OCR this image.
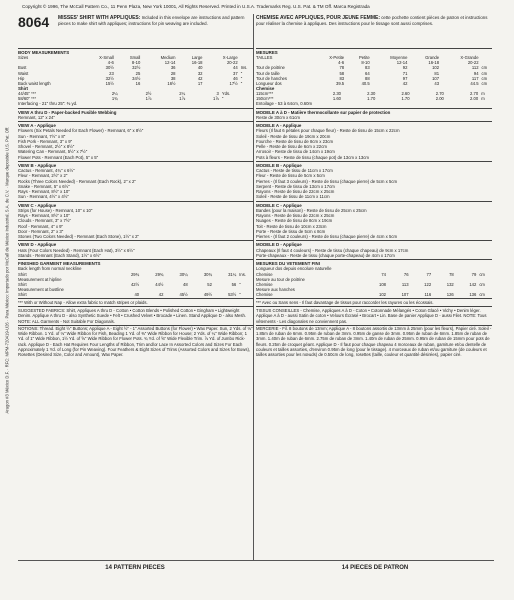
Copyright © 1996, The McCall Pattern Co., 11 Penn Plaza, New York 10001, All Rights Reserved. Printed in U.S.A. Trademarks Reg. U.S. Pat. & TM Off. Marca Registrada
Aragon #3 México D.F. · RFC: MPM-720419-U26 · Para México: Importado por McCall de México Industrial, S.A. de C.V. · Marque depositée U.S. Pat. Off.
8064 MISSES' SHIRT WITH APPLIQUES: Included in this envelope are instructions and pattern pieces to make shirt with appliques; instructions for pin weaving are included.
BODY MEASUREMENTS
Sizes	X-Small	Small	Medium	Large	X-Large	
	4-6	8-10	12-14	16-18	20-22	
Bust	30½	32½	36	40	44	Ins.
Waist	23	25	28	32	37	"
Hip	32½	34½	38	42	46	"
Back waist length	15½	16	16½	17	17½	"
Shirt
44/45" ***	2¼	2½	2¼	3	Yds.
58/60" ***	1¾	1⅞	1⅞	1⅞	"
Interfacing - 21" thru 25": ⅜ yd.
VIEW A thru D - Paper-backed Fusible Webbing
Remnant, 12" x 24"
VIEW A - Applique
Flowers (Six Petals Needed for Each Flower) - Remnant, 6" x 8½"
Sun - Remnant, 7½" x 8"
Fish Pork - Remnant, 3" x 9"
Shovel - Remnant, 2½" x 8½"
Watering Can - Remnant, 5½" x 7½"
Flower Pots - Remnant (Each Pot), 5" x 5"
VIEW B - Applique
Cactus - Remnant, 4¾" x 6½"
Fleur - Remnant, 2½" x 2"
Rocks (Three Colors Needed) - Remnant (Each Rock), 2" x 2"
Snake - Remnant, 5" x 6½"
Rays - Remnant, 8½" x 10"
Sun - Remnant, 4½" x 4½"
VIEW C - Applique
Strips (for House) - Remnant, 10" x 10"
Rays - Remnant, 8½" x 10"
Clouds - Remnant, 3" x 7½"
Roof - Remnant, 4" x 9"
Door - Remnant, 2" x 3"
Stones (Two Colors Needed) - Remnant (Each Stone), 1½" x 2"
VIEW D - Applique
Hats (Four Colors Needed) - Remnant (Each Hat), 3½" x 6½"
Stands - Remnant (Each Stand), 1½" x 6½"
FINISHED GARMENT MEASUREMENTS
Back length from normal neckline
Shirt	29¾	29¾	30¼	30¾	31¼	Ins.
Measurement at hipline						
Shirt	42½	44½	48	52	56	"
Measurement at bustline						
Shirt	40	42	45½	49½	53½	"
*** With or Without Nap - Allow extra fabric to match stripes or plaids.
SUGGESTED FABRICS: Shirt, Appliques A thru D - Cotton • Cotton Blends • Polished Cotton • Gingham • Lightweight Denim. Applique A thru D - also Synthetic Suede • Felt • Crushed Velvet • Brocade • Linen. Stand Applique D - also Mesh. NOTE: ALL Garments - Not Suitable For Diagonals.
NOTIONS: Thread. Eight ½" Buttons; Applique A - Eight ½" - 1" Assorted Buttons (for Flower) • Wax Paper. Sun, 2 Yds. of ⅛" Wide Ribbon. 1 Yd. of ⅛" Wide Ribbon for Fish, Beading 1 Yd. of ⅜" Wide Ribbon for House; 2 Yds. of ¼" Wide Ribbon; 1 Yd. of 1" Wide Ribbon, 1½ Yd. of ⅝" Wide Ribbon for Flower Pots. ¾ Yd. of ⅝" Wide Flexible Trim. ⅞ Yd. of Jumbo Rick-rack. Applique D - Each Hat Requires Four Lengths of Ribbon, Trim and/or Lace In Assorted Colors and Sizes For Each Approximately 1 Yd. of Long (for Pin Weaving). Four Feathers & Eight Sizes of Trims (Assorted Colors and Sizes for Bows), Rosettes (Desired Size, Color and Amount), Wax Paper.
CHEMISE AVEC APPLIQUES, POUR JEUNE FEMME: cette pochette contient pièces de patron et instructions pour réaliser la chemise à appliques. Des instructions pour le tissage sont aussi comprises.
MESURES
TAILLES	X-Petite	Petite	Moyenne	Grande	X-Grande	
	4-6	8-10	12-14	16-18	20-22	
Tour de poitrine	78	83	92	102	112	cm
Tour de taille	58	64	71	81	94	cm
Tour de hanches	83	88	97	107	117	cm
Longueur dos	39.5	40.5	42	43	44.5	cm
Chemise
115cm***	2.30	2.30	2.60	2.70	2.70	m
150cm***	1.60	1.70	1.70	2.00	2.00	m
Entoilage - 53 à 64cm, 0.60m
MODELE A à D - Matière thermocollante sur papier de protection
Reste de 30cm x 61cm
MODELE A - Applique
Fleurs (Il faut 6 pétales pour chaque fleur) - Reste de tissu de 15cm x 22cm
Soleil - Reste de tissu de 19cm x 20cm
Fourche - Reste de tissu de 8cm x 23cm
Pelle - Reste de tissu de 6cm x 22cm
Arrosoir - Reste de tissu de 14cm x 19cm
Pots à fleurs - Reste de tissu (chaque pot) de 13cm x 13cm
MODELE B - Applique
Cactus - Reste de tissu de 11cm x 17cm
Fleur - Reste de tissu de 5cm x 5cm
Pierres - (Il faut 3 couleurs) - Reste de tissu (chaque pierre) de 5cm x 5cm
Serpent - Reste de tissu de 13cm x 17cm
Rayons - Reste de tissu de 22cm x 25cm
Soleil - Reste de tissu de 11cm x 11cm
MODELE C - Applique
Bandes (pour la maison) - Reste de tissu de 25cm x 25cm
Rayons - Reste de tissu de 22cm x 25cm
Nuages - Reste de tissu de 8cm x 19cm
Toit - Reste de tissu de 10cm x 23cm
Porte - Reste de tissu de 5cm x 8cm
Pierres - (Il faut 2 couleurs) - Reste de tissu (chaque pierre) de 4cm x 5cm
MODELE D - Applique
Chapeaux (Il faut 4 couleurs) - Reste de tissu (chaque chapeau) de 9cm x 17cm
Porte-chapeaux - Reste de tissu (chaque porte-chapeau) de 4cm x 17cm
MESURES DU VETEMENT FINI
Longueur dos depuis encolure naturelle
Chemise	74	76	77	78	79	cm
Mesure au tour de poitrine						
Chemise	108	113	122	132	142	cm
Mesure aux hanches						
Chemise	102	107	116	126	136	cm
*** Avec ou Sans sens - Il faut davantage de tissus pour raccorder les rayures ou les écossais.
TISSUS CONSEILLES - Chemise, Appliques A à D - Coton • Cotonnade Mélangés • Coton Glacé • Vichy • Denim léger. Applique A à D - aussi Satin de coton • Velours Écrasé • Brocart • Lin. Base de panier Applique D - aussi Filet. NOTE: Tous vêtements - Les diagonales ne conviennent pas.
MERCERIE - Fil. 8 boutons de 13mm; Applique A - 8 boutons assortis de 13mm à 25mm (pour les fleurs), Papier ciré. Soleil - 1.85m de ruban de 6mm. 0.95m de ruban de 3mm. 0.95m de ganse de 3mm. 0.95m de ruban de 6mm. 1.85m de ruban de 3mm. 1.40m de ruban de 6mm. 2.75m de ruban de 3mm. 1.40m de ruban de 25mm. 0.95m de ruban de 15mm pour pots de fleurs. 0.25m de croquet géant. Applique D - Il faut pour chaque chapeau 4 morceaux de ruban, garniture et/ou dentelle de couleurs et tailles assorties, d'environ 0.95m de long (pour le tissage). 4 morceaux de ruban et/ou garniture (de couleurs et tailles assorties pour les nœuds) de 0.50cm de long, rosettes (taille, couleur et quantité désirées), papier ciré.
14 PATTERN PIECES	14 PIECES DE PATRON
